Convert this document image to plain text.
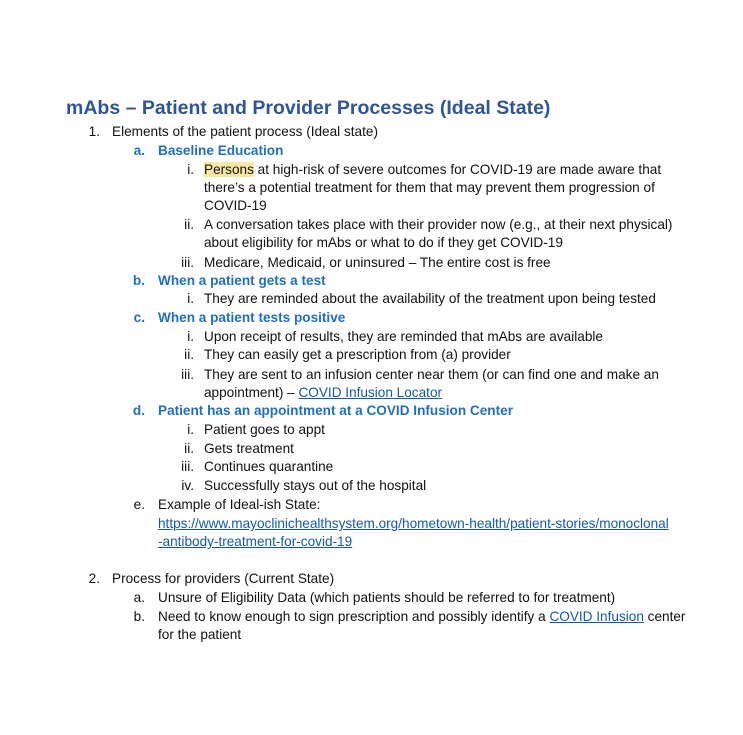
mAbs – Patient and Provider Processes (Ideal State)
1. Elements of the patient process (Ideal state)
a. Baseline Education
i. Persons at high-risk of severe outcomes for COVID-19 are made aware that
there’s a potential treatment for them that may prevent them progression of
COVID-19
ii. A conversation takes place with their provider now (e.g., at their next physical)
about eligibility for mAbs or what to do if they get COVID-19
iii. Medicare, Medicaid, or uninsured – The entire cost is free
b. When a patient gets a test
i. They are reminded about the availability of the treatment upon being tested
c. When a patient tests positive
i. Upon receipt of results, they are reminded that mAbs are available
ii. They can easily get a prescription from (a) provider
iii. They are sent to an infusion center near them (or can find one and make an
appointment) – COVID Infusion Locator
d. Patient has an appointment at a COVID Infusion Center
i. Patient goes to appt
ii. Gets treatment
iii. Continues quarantine
iv. Successfully stays out of the hospital
e. Example of Ideal-ish State:
https://www.mayoclinichealthsystem.org/hometown-health/patient-stories/monoclonal
-antibody-treatment-for-covid-19
2. Process for providers (Current State)
a. Unsure of Eligibility Data (which patients should be referred to for treatment)
b. Need to know enough to sign prescription and possibly identify a COVID Infusion center
for the patient
